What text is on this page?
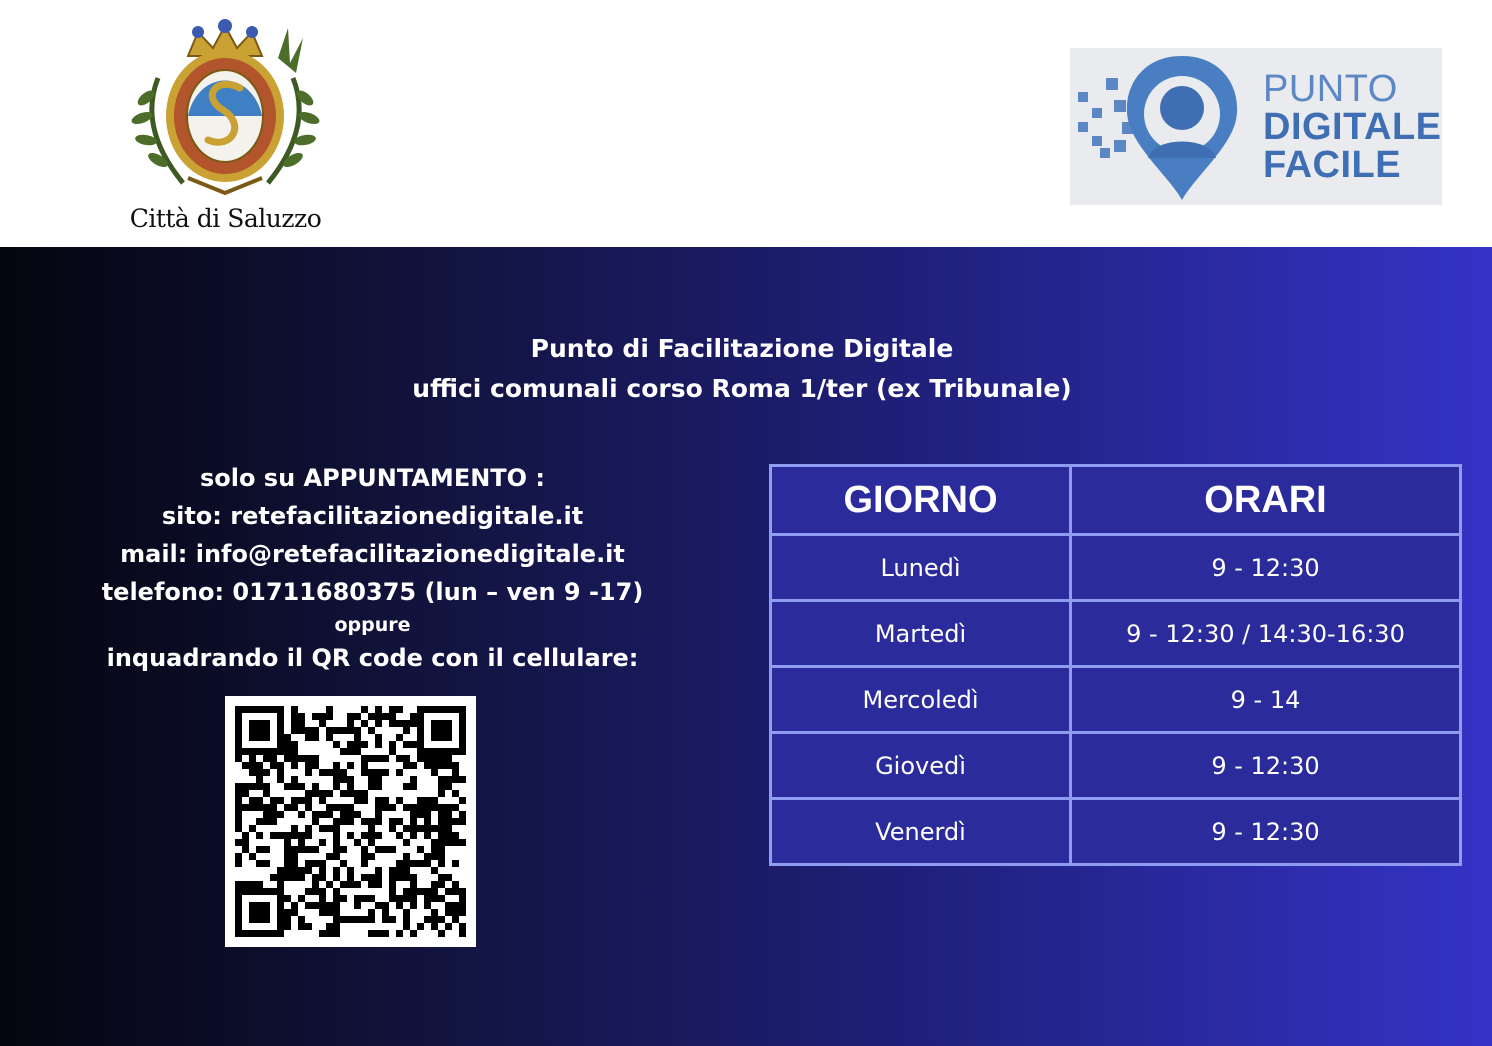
Città di Saluzzo
PUNTO
DIGITALE
FACILE
Punto di Facilitazione Digitale
uffici comunali corso Roma 1/ter (ex Tribunale)
solo su APPUNTAMENTO :
sito: retefacilitazionedigitale.it
mail: info@retefacilitazionedigitale.it
telefono: 01711680375 (lun – ven 9 -17)
oppure
inquadrando il QR code con il cellulare:
GIORNO	ORARI
Lunedì	9 - 12:30
Martedì	9 - 12:30 / 14:30-16:30
Mercoledì	9 - 14
Giovedì	9 - 12:30
Venerdì	9 - 12:30
